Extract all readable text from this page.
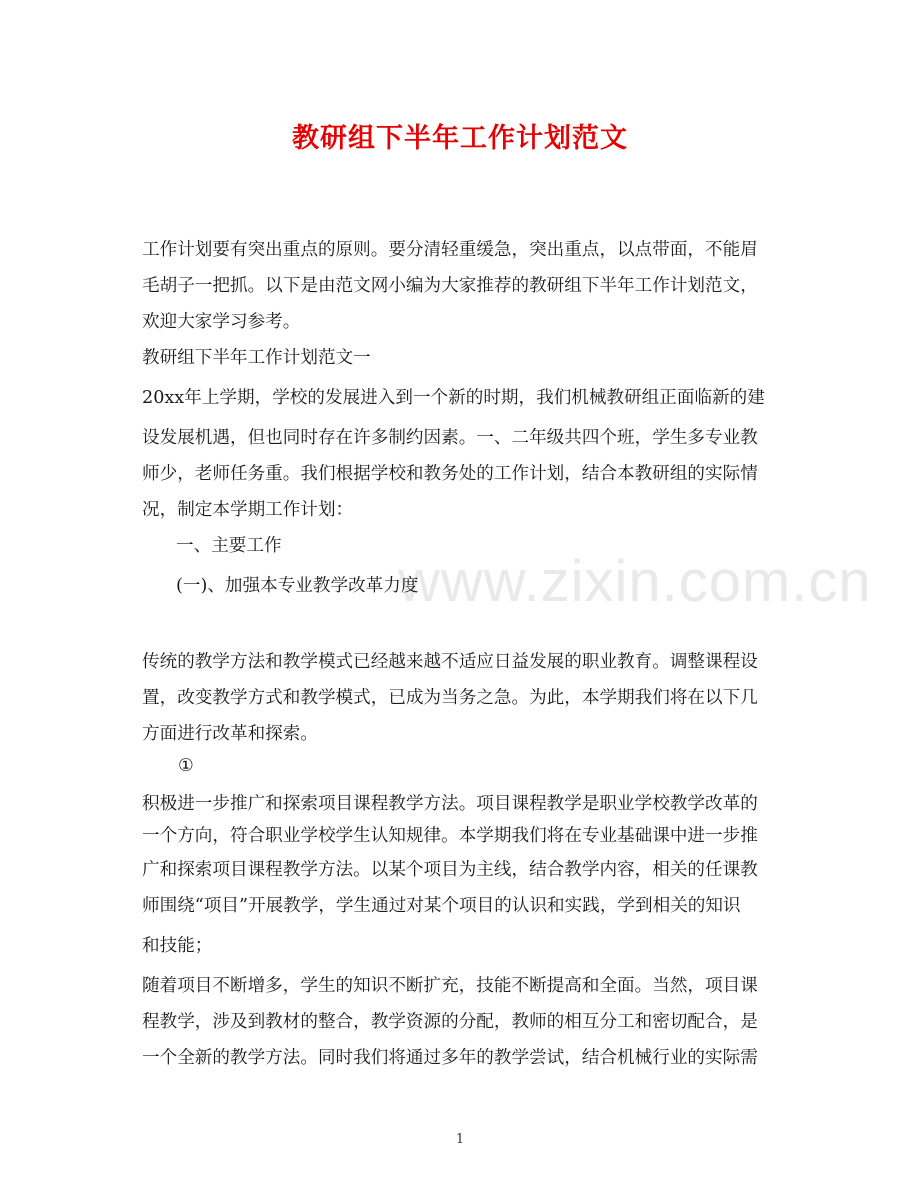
教研组下半年工作计划范文
www.zixin.com.cn
工作计划要有突出重点的原则。要分清轻重缓急，突出重点，以点带面，不能眉
毛胡子一把抓。以下是由范文网小编为大家推荐的教研组下半年工作计划范文，
欢迎大家学习参考。
教研组下半年工作计划范文一
20xx年上学期，学校的发展进入到一个新的时期，我们机械教研组正面临新的建
设发展机遇，但也同时存在许多制约因素。一、二年级共四个班，学生多专业教
师少，老师任务重。我们根据学校和教务处的工作计划，结合本教研组的实际情
况，制定本学期工作计划：
一、主要工作
(一)、加强本专业教学改革力度
传统的教学方法和教学模式已经越来越不适应日益发展的职业教育。调整课程设
置，改变教学方式和教学模式，已成为当务之急。为此，本学期我们将在以下几
方面进行改革和探索。
①
积极进一步推广和探索项目课程教学方法。项目课程教学是职业学校教学改革的
一个方向，符合职业学校学生认知规律。本学期我们将在专业基础课中进一步推
广和探索项目课程教学方法。以某个项目为主线，结合教学内容，相关的任课教
师围绕“项目”开展教学，学生通过对某个项目的认识和实践，学到相关的知识
和技能；
随着项目不断增多，学生的知识不断扩充，技能不断提高和全面。当然，项目课
程教学，涉及到教材的整合，教学资源的分配，教师的相互分工和密切配合，是
一个全新的教学方法。同时我们将通过多年的教学尝试，结合机械行业的实际需
1
